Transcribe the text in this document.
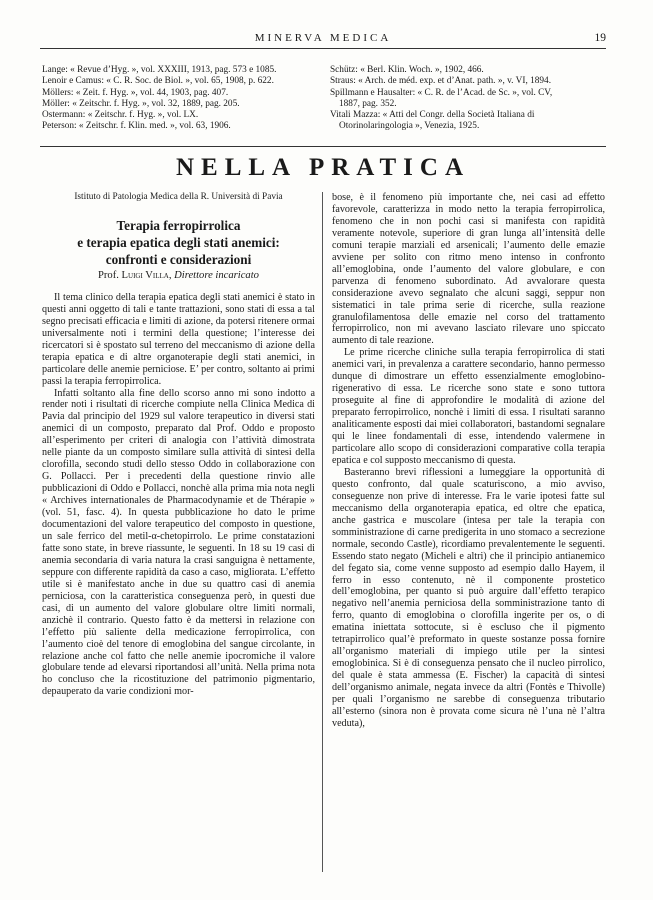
MINERVA MEDICA	19

Lange: « Revue d’Hyg. », vol. XXXIII, 1913, pag. 573 e 1085.

Lenoir e Camus: « C. R. Soc. de Biol. », vol. 65, 1908, p. 622.

Möllers: « Zeit. f. Hyg. », vol. 44, 1903, pag. 407.

Möller: « Zeitschr. f. Hyg. », vol. 32, 1889, pag. 205.

Ostermann: « Zeitschr. f. Hyg. », vol. LX.

Peterson: « Zeitschr. f. Klin. med. », vol. 63, 1906.

Schütz: « Berl. Klin. Woch. », 1902, 466.

Straus: « Arch. de méd. exp. et d’Anat. path. », v. VI, 1894.

Spillmann e Hausalter: « C. R. de l’Acad. de Sc. », vol. CV,
1887, pag. 352.

Vitali Mazza: « Atti del Congr. della Società Italiana di
Otorinolaringologia », Venezia, 1925.

NELLA PRATICA
Istituto di Patologia Medica della R. Università di Pavia
Terapia ferropirrolica
e terapia epatica degli stati anemici:
confronti e considerazioni
Prof. Luigi Villa, Direttore incaricato

Il tema clinico della terapia epatica degli stati anemici è stato in questi anni oggetto di tali e tante trattazioni, sono stati di essa a tal segno precisati efficacia e limiti di azione, da potersi ritenere ormai universalmente noti i termini della questione; l’interesse dei ricercatori si è spostato sul terreno del meccanismo di azione della terapia epatica e di altre organoterapie degli stati anemici, in particolare delle anemie perniciose. E’ per contro, soltanto ai primi passi la terapia ferropirrolica.

Infatti soltanto alla fine dello scorso anno mi sono indotto a render noti i risultati di ricerche compiute nella Clinica Medica di Pavia dal principio del 1929 sul valore terapeutico in diversi stati anemici di un composto, preparato dal Prof. Oddo e proposto all’esperimento per criteri di analogia con l’attività dimostrata nelle piante da un composto similare sulla attività di sintesi della clorofilla, secondo studi dello stesso Oddo in collaborazione con G. Pollacci. Per i precedenti della questione rinvio alle pubblicazioni di Oddo e Pollacci, nonchè alla prima mia nota negli « Archives internationales de Pharmacodynamie et de Thérapie » (vol. 51, fasc. 4). In questa pubblicazione ho dato le prime documentazioni del valore terapeutico del composto in questione, un sale ferrico del metil-α-chetopirrolo. Le prime constatazioni fatte sono state, in breve riassunte, le seguenti. In 18 su 19 casi di anemia secondaria di varia natura la crasi sanguigna è nettamente, seppure con differente rapidità da caso a caso, migliorata. L’effetto utile si è manifestato anche in due su quattro casi di anemia perniciosa, con la caratteristica conseguenza però, in questi due casi, di un aumento del valore globulare oltre limiti normali, anzichè il contrario. Questo fatto è da mettersi in relazione con l’effetto più saliente della medicazione ferropirrolica, con l’aumento cioè del tenore di emoglobina del sangue circolante, in relazione anche col fatto che nelle anemie ipocromiche il valore globulare tende ad elevarsi riportandosi all’unità. Nella prima nota ho concluso che la ricostituzione del patrimonio pigmentario, depauperato da varie condizioni mor-

bose, è il fenomeno più importante che, nei casi ad effetto favorevole, caratterizza in modo netto la terapia ferropirrolica, fenomeno che in non pochi casi si manifesta con rapidità veramente notevole, superiore di gran lunga all’intensità delle comuni terapie marziali ed arsenicali; l’aumento delle emazie avviene per solito con ritmo meno intenso in confronto all’emoglobina, onde l’aumento del valore globulare, e con parvenza di fenomeno subordinato. Ad avvalorare questa considerazione avevo segnalato che alcuni saggi, seppur non sistematici in tale prima serie di ricerche, sulla reazione granulofilamentosa delle emazie nel corso del trattamento ferropirrolico, non mi avevano lasciato rilevare uno spiccato aumento di tale reazione.

Le prime ricerche cliniche sulla terapia ferropirrolica di stati anemici vari, in prevalenza a carattere secondario, hanno permesso dunque di dimostrare un effetto essenzialmente emoglobino-rigenerativo di essa. Le ricerche sono state e sono tuttora proseguite al fine di approfondire le modalità di azione del preparato ferropirrolico, nonchè i limiti di essa. I risultati saranno analiticamente esposti dai miei collaboratori, bastandomi segnalare qui le linee fondamentali di esse, intendendo valermene in particolare allo scopo di considerazioni comparative colla terapia epatica e col supposto meccanismo di questa.

Basteranno brevi riflessioni a lumeggiare la opportunità di questo confronto, dal quale scaturiscono, a mio avviso, conseguenze non prive di interesse. Fra le varie ipotesi fatte sul meccanismo della organoterapia epatica, ed oltre che epatica, anche gastrica e muscolare (intesa per tale la terapia con somministrazione di carne predigerita in uno stomaco a secrezione normale, secondo Castle), ricordiamo prevalentemente le seguenti. Essendo stato negato (Micheli e altri) che il principio antianemico del fegato sia, come venne supposto ad esempio dallo Hayem, il ferro in esso contenuto, nè il componente prostetico dell’emoglobina, per quanto si può arguire dall’effetto terapico negativo nell’anemia perniciosa della somministrazione tanto di ferro, quanto di emoglobina o clorofilla ingerite per os, o di ematina iniettata sottocute, si è escluso che il pigmento tetrapirrolico qual’è preformato in queste sostanze possa fornire all’organismo materiali di impiego utile per la sintesi emoglobinica. Si è di conseguenza pensato che il nucleo pirrolico, del quale è stata ammessa (E. Fischer) la capacità di sintesi dell’organismo animale, negata invece da altri (Fontès e Thivolle) per quali l’organismo ne sarebbe di conseguenza tributario all’esterno (sinora non è provata come sicura nè l’una nè l’altra veduta),
